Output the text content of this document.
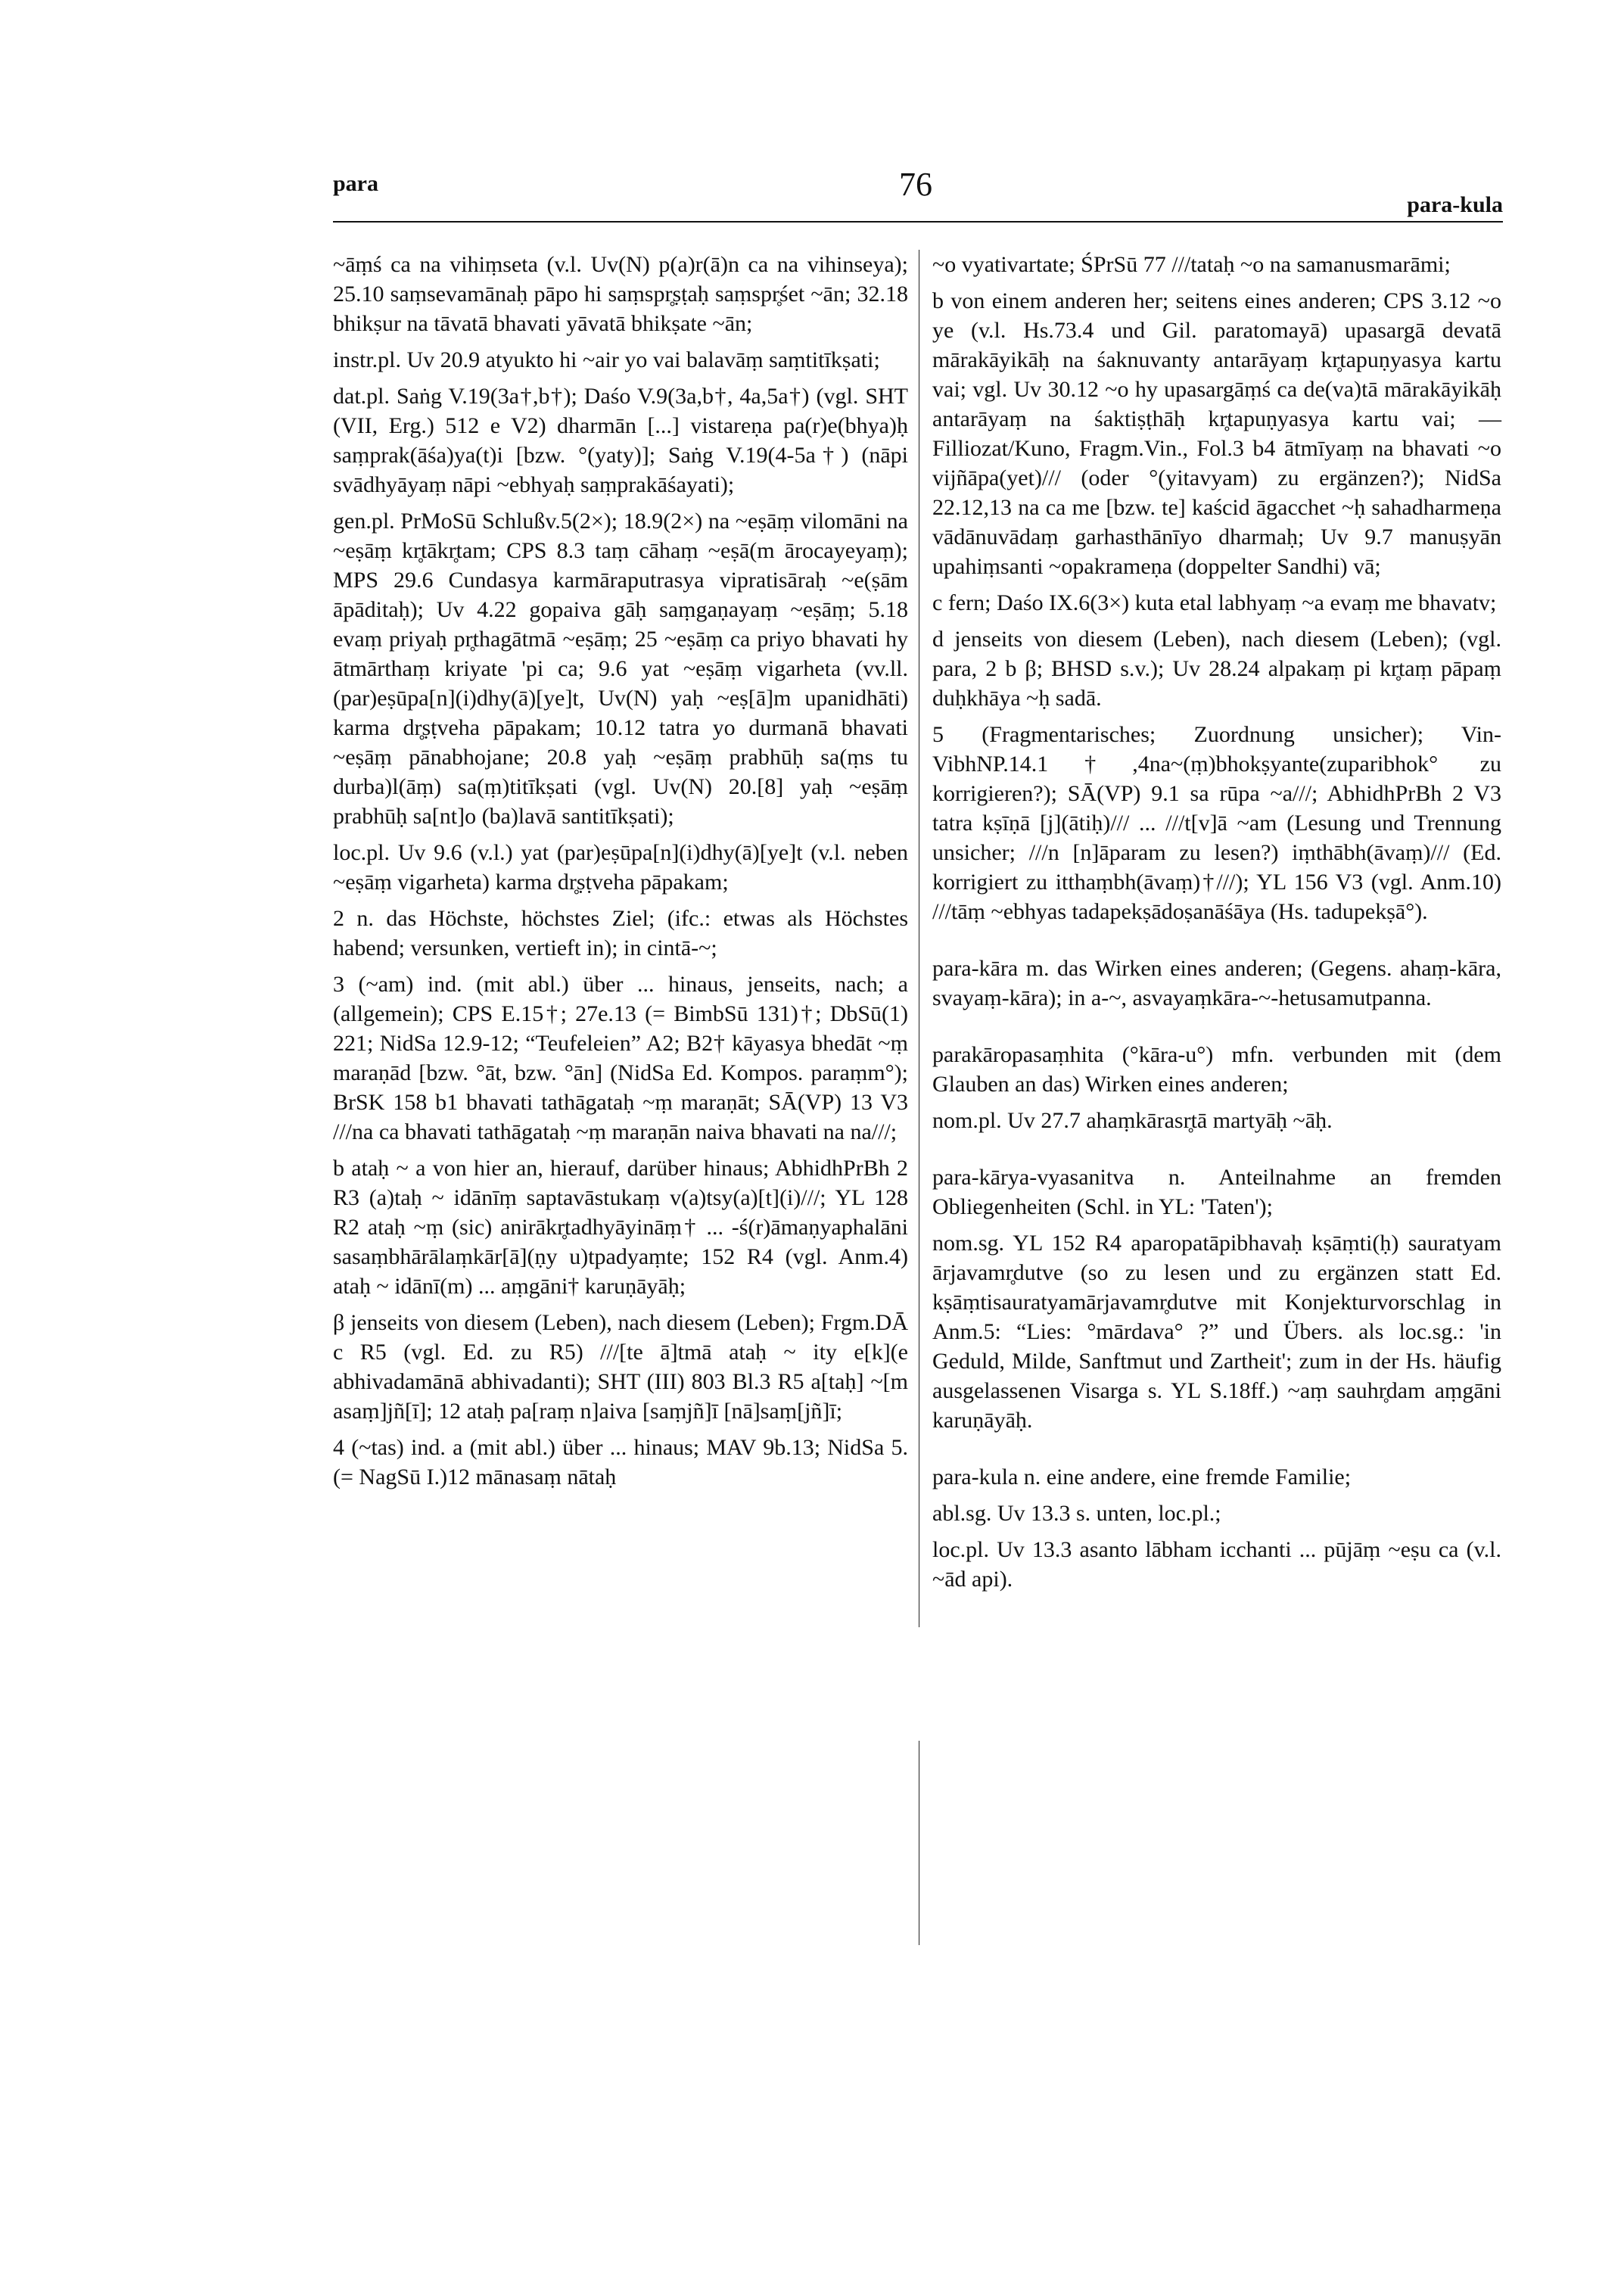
para	76
para-kula

~āṃś ca na vihiṃseta (v.l. Uv(N) p(a)r(ā)n ca na vihinseya); 25.10 saṃsevamānaḥ pāpo hi saṃspr̥ṣṭaḥ saṃspr̥śet ~ān; 32.18 bhikṣur na tāvatā bhavati yāvatā bhikṣate ~ān;

instr.pl. Uv 20.9 atyukto hi ~air yo vai balavāṃ saṃtitīkṣati;

dat.pl. Saṅg V.19(3a†,b†); Daśo V.9(3a,b†, 4a,5a†) (vgl. SHT (VII, Erg.) 512 e V2) dharmān [...] vistareṇa pa(r)e(bhya)ḥ saṃprak(āśa)ya(t)i [bzw. °(yaty)]; Saṅg V.19(4-5a†) (nāpi svādhyāyaṃ nāpi ~ebhyaḥ saṃprakāśayati);

gen.pl. PrMoSū Schlußv.5(2×); 18.9(2×) na ~eṣāṃ vilomāni na ~eṣāṃ kr̥tākr̥tam; CPS 8.3 taṃ cāhaṃ ~eṣā(m ārocayeyaṃ); MPS 29.6 Cundasya karmāraputrasya vipratisāraḥ ~e(ṣām āpāditaḥ); Uv 4.22 gopaiva gāḥ saṃgaṇayaṃ ~eṣāṃ; 5.18 evaṃ priyaḥ pr̥thagātmā ~eṣāṃ; 25 ~eṣāṃ ca priyo bhavati hy ātmārthaṃ kriyate 'pi ca; 9.6 yat ~eṣāṃ vigarheta (vv.ll. (par)eṣūpa[n](i)dhy(ā)[ye]t, Uv(N) yaḥ ~eṣ[ā]m upanidhāti) karma dr̥ṣṭveha pāpakam; 10.12 tatra yo durmanā bhavati ~eṣāṃ pānabhojane; 20.8 yaḥ ~eṣāṃ prabhūḥ sa(ṃs tu durba)l(āṃ) sa(ṃ)titīkṣati (vgl. Uv(N) 20.[8] yaḥ ~eṣāṃ prabhūḥ sa[nt]o (ba)lavā santitīkṣati);

loc.pl. Uv 9.6 (v.l.) yat (par)eṣūpa[n](i)dhy(ā)[ye]t (v.l. neben ~eṣāṃ vigarheta) karma dr̥ṣṭveha pāpakam;

2 n. das Höchste, höchstes Ziel; (ifc.: etwas als Höchstes habend; versunken, vertieft in); in cintā-~;

3 (~am) ind. (mit abl.) über ... hinaus, jenseits, nach; a (allgemein); CPS E.15†; 27e.13 (= BimbSū 131)†; DbSū(1) 221; NidSa 12.9-12; “Teufeleien” A2; B2† kāyasya bhedāt ~ṃ maraṇād [bzw. °āt, bzw. °ān] (NidSa Ed. Kompos. paraṃm°); BrSK 158 b1 bhavati tathāgataḥ ~ṃ maraṇāt; SĀ(VP) 13 V3 ///na ca bhavati tathāgataḥ ~ṃ maraṇān naiva bhavati na na///;

b ataḥ ~ a von hier an, hierauf, darüber hinaus; AbhidhPrBh 2 R3 (a)taḥ ~ idānīṃ saptavāstukaṃ v(a)tsy(a)[t](i)///; YL 128 R2 ataḥ ~ṃ (sic) anirākr̥tadhyāyināṃ† ... -ś(r)āmaṇyaphalāni sasaṃbhārālaṃkār[ā](ṇy u)tpadyaṃte; 152 R4 (vgl. Anm.4) ataḥ ~ idānī(m) ... aṃgāni† karuṇāyāḥ;

β jenseits von diesem (Leben), nach diesem (Leben); Frgm.DĀ c R5 (vgl. Ed. zu R5) ///[te ā]tmā ataḥ ~ ity e[k](e abhivadamānā abhivadanti); SHT (III) 803 Bl.3 R5 a[taḥ] ~[m asaṃ]jñ[ī]; 12 ataḥ pa[raṃ n]aiva [saṃjñ]ī [nā]saṃ[jñ]ī;

4 (~tas) ind. a (mit abl.) über ... hinaus; MAV 9b.13; NidSa 5.(= NagSū I.)12 mānasaṃ nātaḥ

~o vyativartate; ŚPrSū 77 ///tataḥ ~o na samanusmarāmi;

b von einem anderen her; seitens eines anderen; CPS 3.12 ~o ye (v.l. Hs.73.4 und Gil. paratomayā) upasargā devatā mārakāyikāḥ na śaknuvanty antarāyaṃ kr̥tapuṇyasya kartu vai; vgl. Uv 30.12 ~o hy upasargāṃś ca de(va)tā mārakāyikāḥ antarāyaṃ na śaktiṣṭhāḥ kr̥tapuṇyasya kartu vai; — Filliozat/Kuno, Fragm.Vin., Fol.3 b4 ātmīyaṃ na bhavati ~o vijñāpa(yet)/// (oder °(yitavyam) zu ergänzen?); NidSa 22.12,13 na ca me [bzw. te] kaścid āgacchet ~ḥ sahadharmeṇa vādānuvādaṃ garhasthānīyo dharmaḥ; Uv 9.7 manuṣyān upahiṃsanti ~opakrameṇa (doppelter Sandhi) vā;

c fern; Daśo IX.6(3×) kuta etal labhyaṃ ~a evaṃ me bhavatv;

d jenseits von diesem (Leben), nach diesem (Leben); (vgl. para, 2 b β; BHSD s.v.); Uv 28.24 alpakaṃ pi kr̥taṃ pāpaṃ duḥkhāya ~ḥ sadā.

5 (Fragmentarisches; Zuordnung unsicher); Vin-VibhNP.14.1†,4na~(ṃ)bhokṣyante(zuparibhok° zu korrigieren?); SĀ(VP) 9.1 sa rūpa ~a///; AbhidhPrBh 2 V3 tatra kṣīṇā [j](ātiḥ)/// ... ///t[v]ā ~am (Lesung und Trennung unsicher; ///n [n]āparam zu lesen?) iṃthābh(āvaṃ)/// (Ed. korrigiert zu itthaṃbh(āvaṃ)†///); YL 156 V3 (vgl. Anm.10) ///tāṃ ~ebhyas tadapekṣādoṣanāśāya (Hs. tadupekṣā°).

para-kāra m. das Wirken eines anderen; (Gegens. ahaṃ-kāra, svayaṃ-kāra); in a-~, asvayaṃkāra-~-hetusamutpanna.

parakāropasaṃhita (°kāra-u°) mfn. verbunden mit (dem Glauben an das) Wirken eines anderen;

nom.pl. Uv 27.7 ahaṃkārasr̥tā martyāḥ ~āḥ.

para-kārya-vyasanitva n. Anteilnahme an fremden Obliegenheiten (Schl. in YL: 'Taten');

nom.sg. YL 152 R4 aparopatāpibhavaḥ kṣāṃti(ḥ) sauratyam ārjavamr̥dutve (so zu lesen und zu ergänzen statt Ed. kṣāṃtisauratyamārjavamr̥dutve mit Konjekturvorschlag in Anm.5: “Lies: °mārdava° ?” und Übers. als loc.sg.: 'in Geduld, Milde, Sanftmut und Zartheit'; zum in der Hs. häufig ausgelassenen Visarga s. YL S.18ff.) ~aṃ sauhr̥dam aṃgāni karuṇāyāḥ.

para-kula n. eine andere, eine fremde Familie;

abl.sg. Uv 13.3 s. unten, loc.pl.;

loc.pl. Uv 13.3 asanto lābham icchanti ... pūjāṃ ~eṣu ca (v.l. ~ād api).
